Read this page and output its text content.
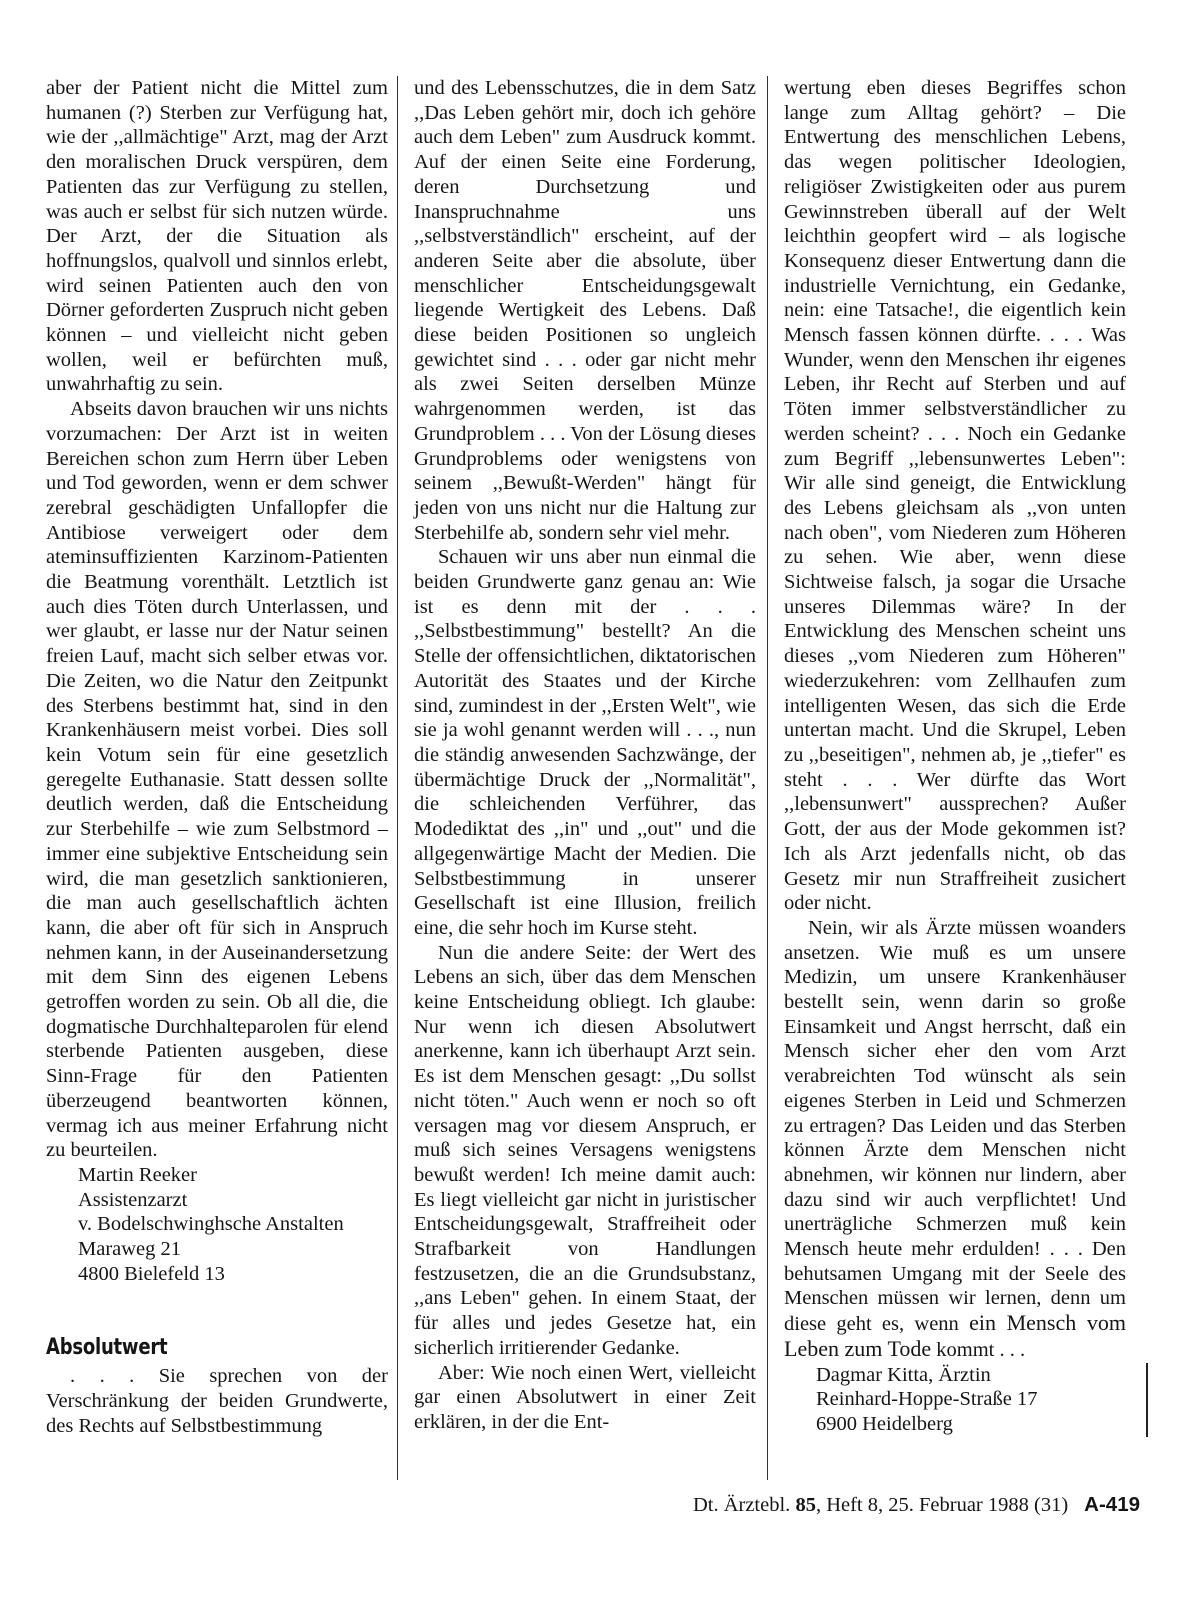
aber der Patient nicht die Mittel zum humanen (?) Sterben zur Verfügung hat, wie der ,,allmächtige" Arzt, mag der Arzt den moralischen Druck verspüren, dem Patienten das zur Verfügung zu stellen, was auch er selbst für sich nutzen würde. Der Arzt, der die Situation als hoffnungslos, qualvoll und sinnlos erlebt, wird seinen Patienten auch den von Dörner geforderten Zuspruch nicht geben können – und vielleicht nicht geben wollen, weil er befürchten muß, unwahrhaftig zu sein.

Abseits davon brauchen wir uns nichts vorzumachen: Der Arzt ist in weiten Bereichen schon zum Herrn über Leben und Tod geworden, wenn er dem schwer zerebral geschädigten Unfallopfer die Antibiose verweigert oder dem ateminsuffizienten Karzinom-Patienten die Beatmung vorenthält. Letztlich ist auch dies Töten durch Unterlassen, und wer glaubt, er lasse nur der Natur seinen freien Lauf, macht sich selber etwas vor. Die Zeiten, wo die Natur den Zeitpunkt des Sterbens bestimmt hat, sind in den Krankenhäusern meist vorbei. Dies soll kein Votum sein für eine gesetzlich geregelte Euthanasie. Statt dessen sollte deutlich werden, daß die Entscheidung zur Sterbehilfe – wie zum Selbstmord – immer eine subjektive Entscheidung sein wird, die man gesetzlich sanktionieren, die man auch gesellschaftlich ächten kann, die aber oft für sich in Anspruch nehmen kann, in der Auseinandersetzung mit dem Sinn des eigenen Lebens getroffen worden zu sein. Ob all die, die dogmatische Durchhalteparolen für elend sterbende Patienten ausgeben, diese Sinn-Frage für den Patienten überzeugend beantworten können, vermag ich aus meiner Erfahrung nicht zu beurteilen.

Martin Reeker
Assistenzarzt
v. Bodelschwinghsche Anstalten
Maraweg 21
4800 Bielefeld 13
Absolutwert

. . . Sie sprechen von der Verschränkung der beiden Grundwerte, des Rechts auf Selbstbestimmung

und des Lebensschutzes, die in dem Satz ,,Das Leben gehört mir, doch ich gehöre auch dem Leben" zum Ausdruck kommt. Auf der einen Seite eine Forderung, deren Durchsetzung und Inanspruchnahme uns ,,selbstverständlich" erscheint, auf der anderen Seite aber die absolute, über menschlicher Entscheidungsgewalt liegende Wertigkeit des Lebens. Daß diese beiden Positionen so ungleich gewichtet sind . . . oder gar nicht mehr als zwei Seiten derselben Münze wahrgenommen werden, ist das Grundproblem . . . Von der Lösung dieses Grundproblems oder wenigstens von seinem ,,Bewußt-Werden" hängt für jeden von uns nicht nur die Haltung zur Sterbehilfe ab, sondern sehr viel mehr.

Schauen wir uns aber nun einmal die beiden Grundwerte ganz genau an: Wie ist es denn mit der . . . ,,Selbstbestimmung" bestellt? An die Stelle der offensichtlichen, diktatorischen Autorität des Staates und der Kirche sind, zumindest in der ,,Ersten Welt", wie sie ja wohl genannt werden will . . ., nun die ständig anwesenden Sachzwänge, der übermächtige Druck der ,,Normalität", die schleichenden Verführer, das Modediktat des ,,in" und ,,out" und die allgegenwärtige Macht der Medien. Die Selbstbestimmung in unserer Gesellschaft ist eine Illusion, freilich eine, die sehr hoch im Kurse steht.

Nun die andere Seite: der Wert des Lebens an sich, über das dem Menschen keine Entscheidung obliegt. Ich glaube: Nur wenn ich diesen Absolutwert anerkenne, kann ich überhaupt Arzt sein. Es ist dem Menschen gesagt: ,,Du sollst nicht töten." Auch wenn er noch so oft versagen mag vor diesem Anspruch, er muß sich seines Versagens wenigstens bewußt werden! Ich meine damit auch: Es liegt vielleicht gar nicht in juristischer Entscheidungsgewalt, Straffreiheit oder Strafbarkeit von Handlungen festzusetzen, die an die Grundsubstanz, ,,ans Leben" gehen. In einem Staat, der für alles und jedes Gesetze hat, ein sicherlich irritierender Gedanke.

Aber: Wie noch einen Wert, vielleicht gar einen Absolutwert in einer Zeit erklären, in der die Ent-

wertung eben dieses Begriffes schon lange zum Alltag gehört? – Die Entwertung des menschlichen Lebens, das wegen politischer Ideologien, religiöser Zwistigkeiten oder aus purem Gewinnstreben überall auf der Welt leichthin geopfert wird – als logische Konsequenz dieser Entwertung dann die industrielle Vernichtung, ein Gedanke, nein: eine Tatsache!, die eigentlich kein Mensch fassen können dürfte. . . . Was Wunder, wenn den Menschen ihr eigenes Leben, ihr Recht auf Sterben und auf Töten immer selbstverständlicher zu werden scheint? . . . Noch ein Gedanke zum Begriff ,,lebensunwertes Leben": Wir alle sind geneigt, die Entwicklung des Lebens gleichsam als ,,von unten nach oben", vom Niederen zum Höheren zu sehen. Wie aber, wenn diese Sichtweise falsch, ja sogar die Ursache unseres Dilemmas wäre? In der Entwicklung des Menschen scheint uns dieses ,,vom Niederen zum Höheren" wiederzukehren: vom Zellhaufen zum intelligenten Wesen, das sich die Erde untertan macht. Und die Skrupel, Leben zu ,,beseitigen", nehmen ab, je ,,tiefer" es steht . . . Wer dürfte das Wort ,,lebensunwert" aussprechen? Außer Gott, der aus der Mode gekommen ist? Ich als Arzt jedenfalls nicht, ob das Gesetz mir nun Straffreiheit zusichert oder nicht.

Nein, wir als Ärzte müssen woanders ansetzen. Wie muß es um unsere Medizin, um unsere Krankenhäuser bestellt sein, wenn darin so große Einsamkeit und Angst herrscht, daß ein Mensch sicher eher den vom Arzt verabreichten Tod wünscht als sein eigenes Sterben in Leid und Schmerzen zu ertragen? Das Leiden und das Sterben können Ärzte dem Menschen nicht abnehmen, wir können nur lindern, aber dazu sind wir auch verpflichtet! Und unerträgliche Schmerzen muß kein Mensch heute mehr erdulden! . . . Den behutsamen Umgang mit der Seele des Menschen müssen wir lernen, denn um diese geht es, wenn ein Mensch vom Leben zum Tode kommt . . .

Dagmar Kitta, Ärztin
Reinhard-Hoppe-Straße 17
6900 Heidelberg
Dt. Ärztebl. 85, Heft 8, 25. Februar 1988 (31) A-419
